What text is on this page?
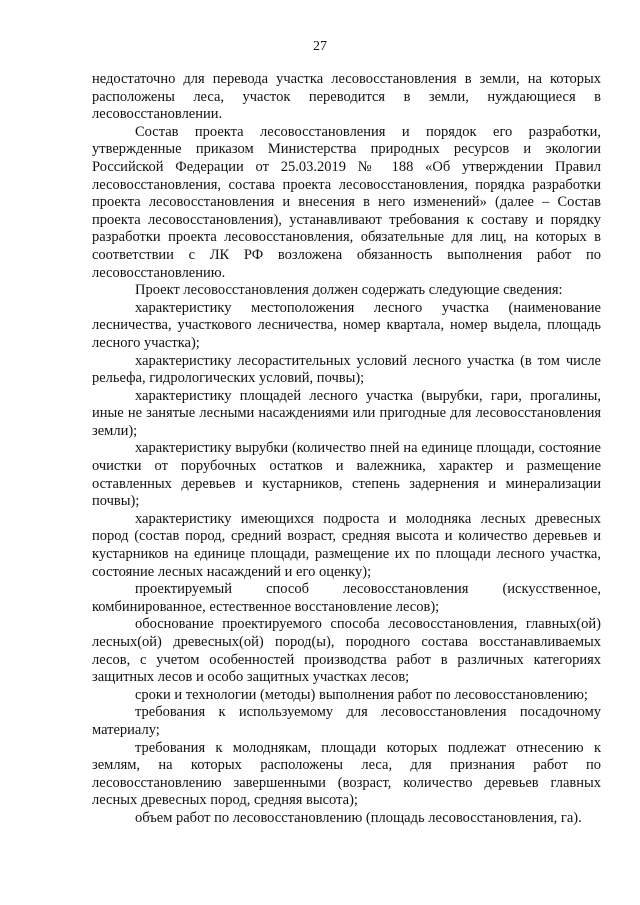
27

недостаточно для перевода участка лесовосстановления в земли, на которых расположены леса, участок переводится в земли, нуждающиеся в лесовосстановлении.

Состав проекта лесовосстановления и порядок его разработки, утвержденные приказом Министерства природных ресурсов и экологии Российской Федерации от 25.03.2019 № 188 «Об утверждении Правил лесовосстановления, состава проекта лесовосстановления, порядка разработки проекта лесовосстановления и внесения в него изменений» (далее – Состав проекта лесовосстановления), устанавливают требования к составу и порядку разработки проекта лесовосстановления, обязательные для лиц, на которых в соответствии с ЛК РФ возложена обязанность выполнения работ по лесовосстановлению.

Проект лесовосстановления должен содержать следующие сведения:

характеристику местоположения лесного участка (наименование лесничества, участкового лесничества, номер квартала, номер выдела, площадь лесного участка);

характеристику лесорастительных условий лесного участка (в том числе рельефа, гидрологических условий, почвы);

характеристику площадей лесного участка (вырубки, гари, прогалины, иные не занятые лесными насаждениями или пригодные для лесовосстановления земли);

характеристику вырубки (количество пней на единице площади, состояние очистки от порубочных остатков и валежника, характер и размещение оставленных деревьев и кустарников, степень задернения и минерализации почвы);

характеристику имеющихся подроста и молодняка лесных древесных пород (состав пород, средний возраст, средняя высота и количество деревьев и кустарников на единице площади, размещение их по площади лесного участка, состояние лесных насаждений и его оценку);

проектируемый способ лесовосстановления (искусственное, комбинированное, естественное восстановление лесов);

обоснование проектируемого способа лесовосстановления, главных(ой) лесных(ой) древесных(ой) пород(ы), породного состава восстанавливаемых лесов, с учетом особенностей производства работ в различных категориях защитных лесов и особо защитных участках лесов;

сроки и технологии (методы) выполнения работ по лесовосстановлению;

требования к используемому для лесовосстановления посадочному материалу;

требования к молоднякам, площади которых подлежат отнесению к землям, на которых расположены леса, для признания работ по лесовосстановлению завершенными (возраст, количество деревьев главных лесных древесных пород, средняя высота);

объем работ по лесовосстановлению (площадь лесовосстановления, га).
